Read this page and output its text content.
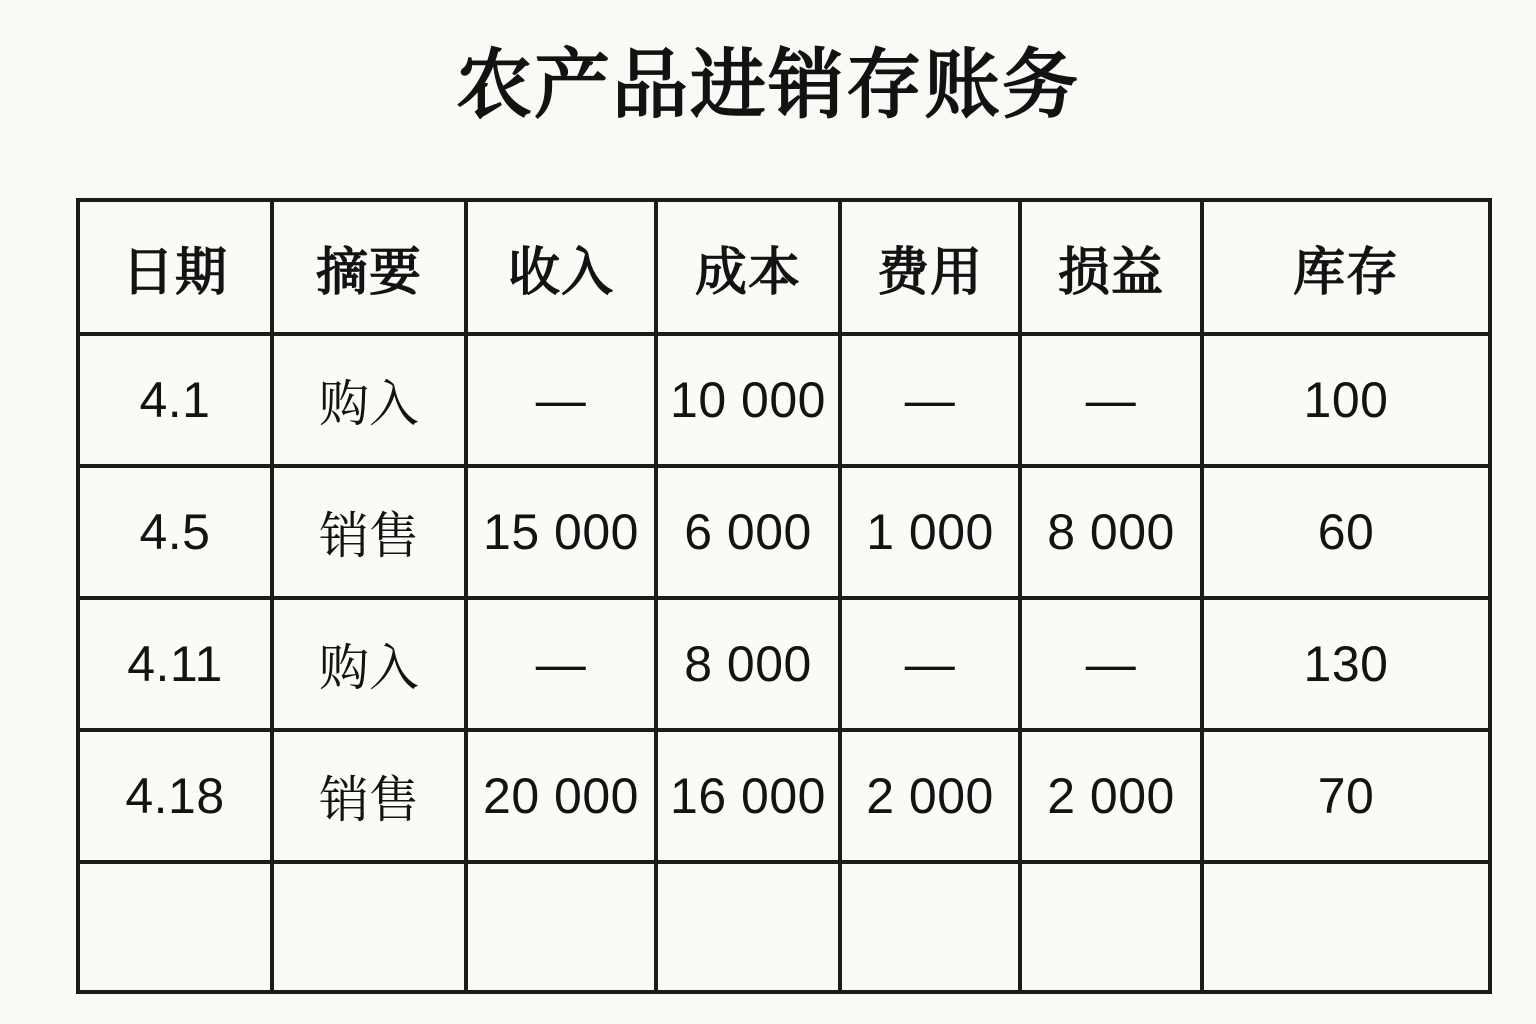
农产品进销存账务
日期	摘要	收入	成本	费用	损益	库存
4.1	购入	—	10 000	—	—	100
4.5	销售	15 000	6 000	1 000	8 000	60
4.11	购入	—	8 000	—	—	130
4.18	销售	20 000	16 000	2 000	2 000	70
